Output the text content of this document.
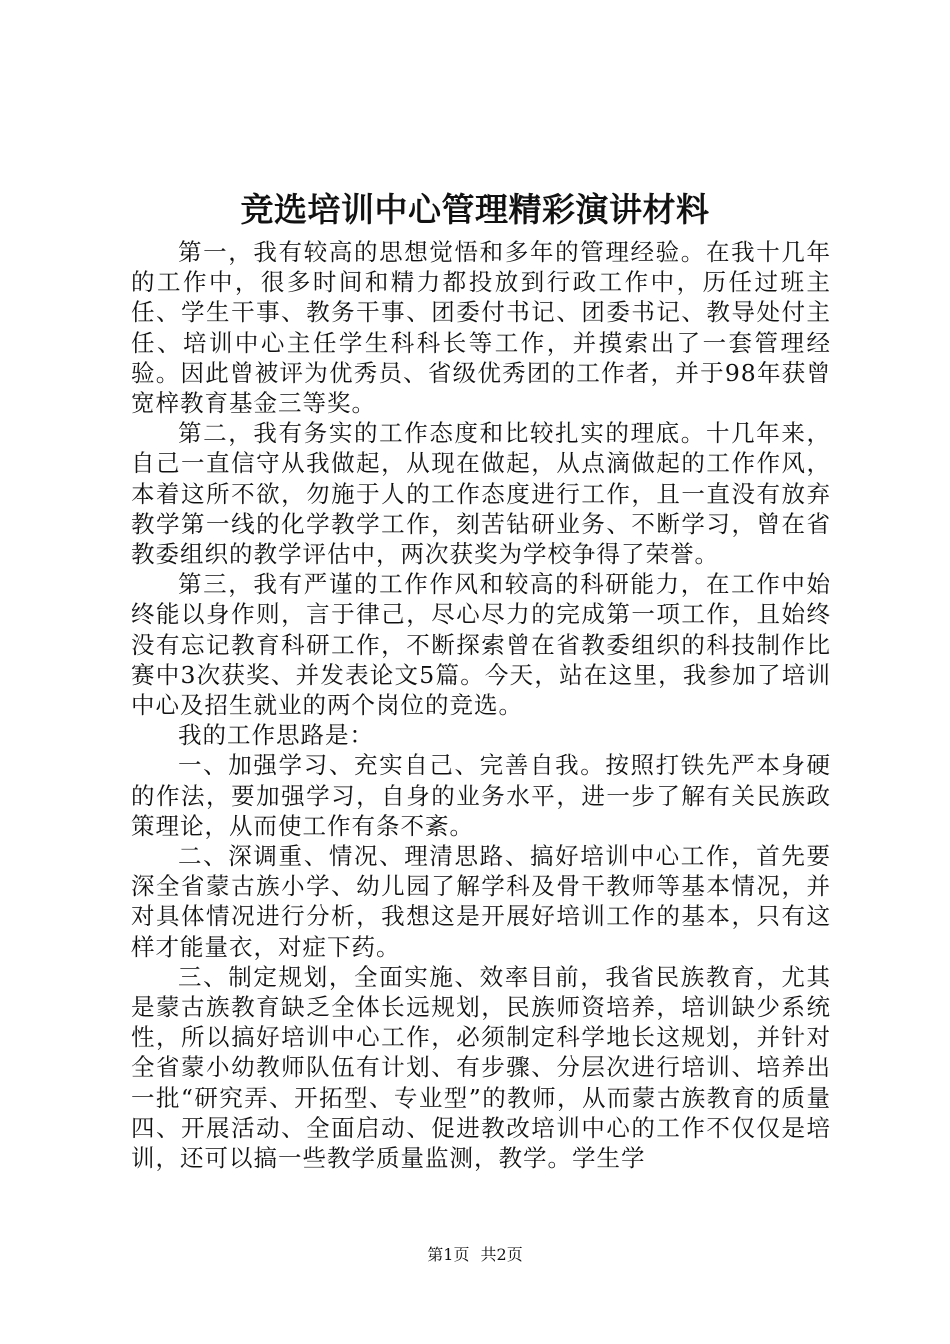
竞选培训中心管理精彩演讲材料

第一，我有较高的思想觉悟和多年的管理经验。在我十几年的工作中，很多时间和精力都投放到行政工作中，历任过班主任、学生干事、教务干事、团委付书记、团委书记、教导处付主任、培训中心主任学生科科长等工作，并摸索出了一套管理经验。因此曾被评为优秀员、省级优秀团的工作者，并于98年获曾宽梓教育基金三等奖。

第二，我有务实的工作态度和比较扎实的理底。十几年来，自己一直信守从我做起，从现在做起，从点滴做起的工作作风，本着这所不欲，勿施于人的工作态度进行工作，且一直没有放弃教学第一线的化学教学工作，刻苦钻研业务、不断学习，曾在省教委组织的教学评估中，两次获奖为学校争得了荣誉。

第三，我有严谨的工作作风和较高的科研能力，在工作中始终能以身作则，言于律己，尽心尽力的完成第一项工作，且始终没有忘记教育科研工作，不断探索曾在省教委组织的科技制作比赛中3次获奖、并发表论文5篇。今天，站在这里，我参加了培训中心及招生就业的两个岗位的竞选。

我的工作思路是：

一、加强学习、充实自己、完善自我。按照打铁先严本身硬的作法，要加强学习，自身的业务水平，进一步了解有关民族政策理论，从而使工作有条不紊。

二、深调重、情况、理清思路、搞好培训中心工作，首先要深全省蒙古族小学、幼儿园了解学科及骨干教师等基本情况，并对具体情况进行分析，我想这是开展好培训工作的基本，只有这样才能量衣，对症下药。

三、制定规划，全面实施、效率目前，我省民族教育，尤其是蒙古族教育缺乏全体长远规划，民族师资培养，培训缺少系统性，所以搞好培训中心工作，必须制定科学地长这规划，并针对全省蒙小幼教师队伍有计划、有步骤、分层次进行培训、培养出一批“研究弄、开拓型、专业型”的教师，从而蒙古族教育的质量四、开展活动、全面启动、促进教改培训中心的工作不仅仅是培训，还可以搞一些教学质量监测，教学。学生学

第1页 共2页
